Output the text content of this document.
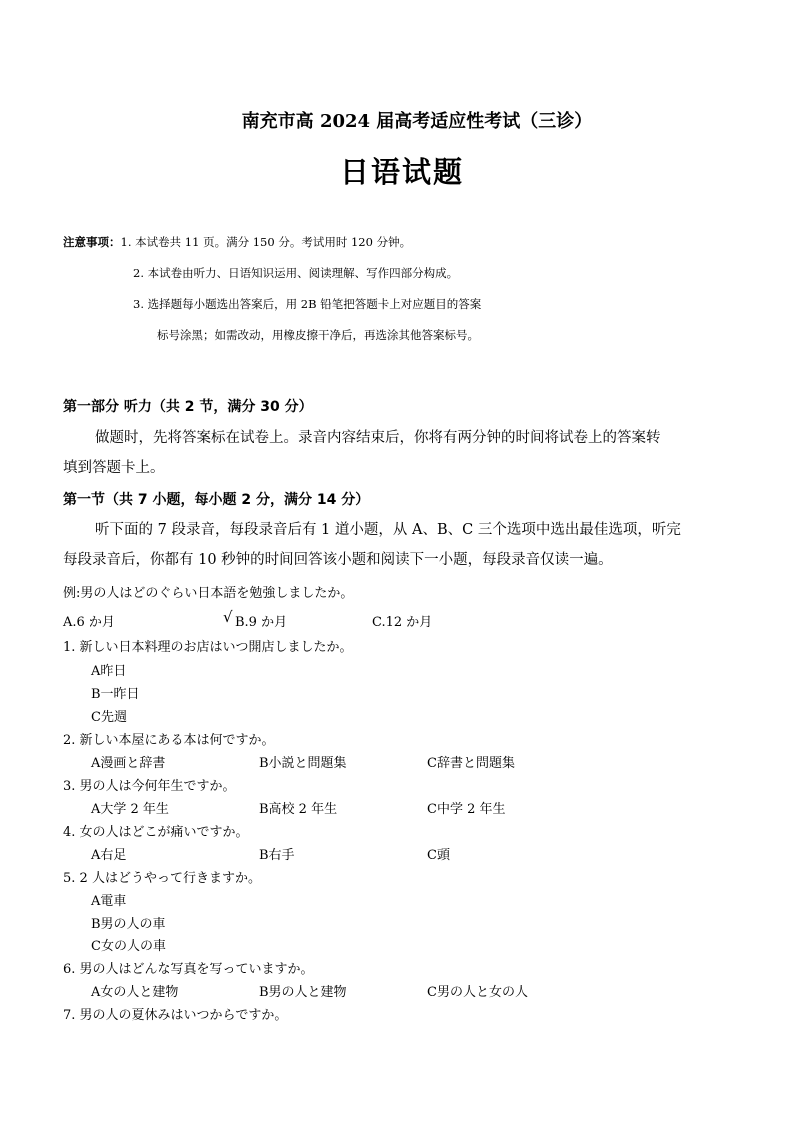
南充市高 2024 届高考适应性考试（三诊）
日语试题
注意事项：1. 本试卷共 11 页。满分 150 分。考试用时 120 分钟。
2. 本试卷由听力、日语知识运用、阅读理解、写作四部分构成。
3. 选择题每小题选出答案后，用 2B 铅笔把答题卡上对应题目的答案
标号涂黑；如需改动，用橡皮擦干净后，再选涂其他答案标号。
第一部分 听力（共 2 节，满分 30 分）
做题时，先将答案标在试卷上。录音内容结束后，你将有两分钟的时间将试卷上的答案转
填到答题卡上。
第一节（共 7 小题，每小题 2 分，满分 14 分）
听下面的 7 段录音，每段录音后有 1 道小题，从 A、B、C 三个选项中选出最佳选项，听完
每段录音后，你都有 10 秒钟的时间回答该小题和阅读下一小题，每段录音仅读一遍。
例:男の人はどのぐらい日本語を勉強しましたか。
A.6 か月	√ B.9 か月	C.12 か月
1. 新しい日本料理のお店はいつ開店しましたか。
A昨日
B一昨日
C先週
2. 新しい本屋にある本は何ですか。
A漫画と辞書	B小説と問題集	C辞書と問題集
3. 男の人は今何年生ですか。
A大学 2 年生	B高校 2 年生	C中学 2 年生
4. 女の人はどこが痛いですか。
A右足	B右手	C頭
5. 2 人はどうやって行きますか。
A電車
B男の人の車
C女の人の車
6. 男の人はどんな写真を写っていますか。
A女の人と建物	B男の人と建物	C男の人と女の人
7. 男の人の夏休みはいつからですか。
